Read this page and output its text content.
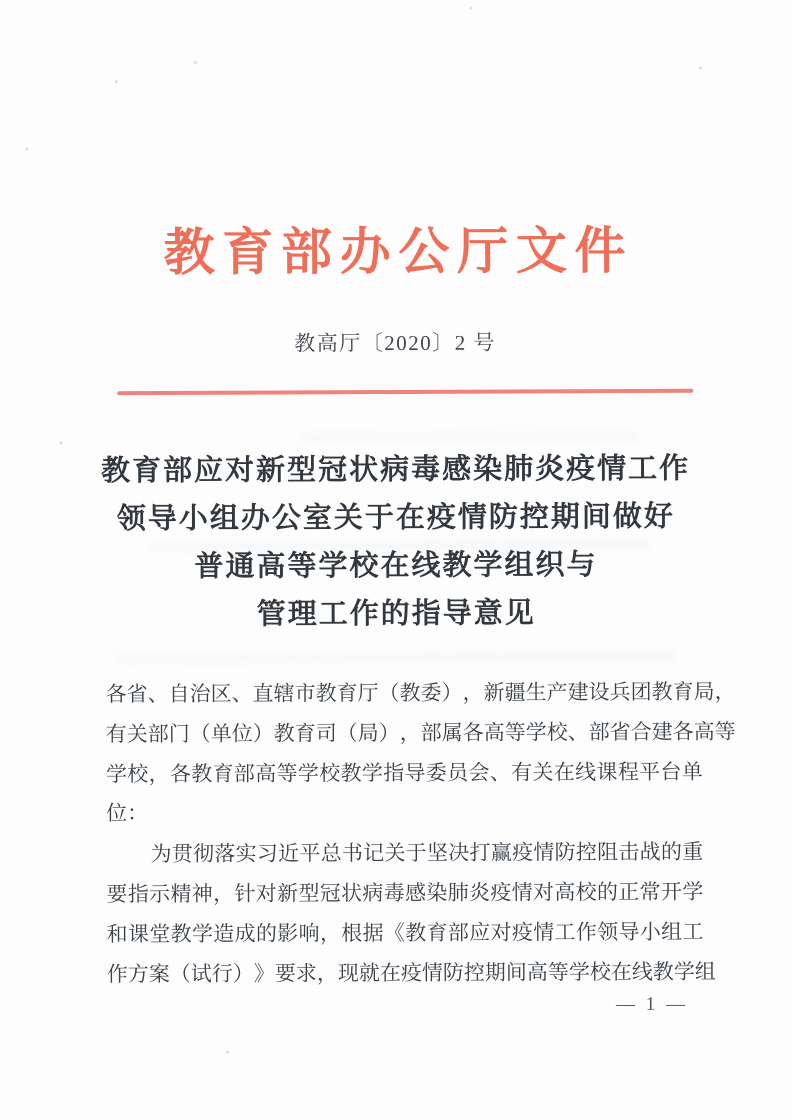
教 育 部 办 公 厅 文 件
教高厅〔2020〕2 号
教育部应对新型冠状病毒感染肺炎疫情工作
领导小组办公室关于在疫情防控期间做好
普通高等学校在线教学组织与
管理工作的指导意见
各 省 、 自 治 区 、 直 辖 市 教 育 厅 （ 教 委 ） ， 新 疆 生 产 建 设 兵 团 教 育 局 ，
有 关 部 门 （ 单 位 ） 教 育 司 （ 局 ） ， 部 属 各 高 等 学 校 、 部 省 合 建 各 高 等
学 校 ， 各 教 育 部 高 等 学 校 教 学 指 导 委 员 会 、 有 关 在 线 课 程 平 台 单
位：
为 贯 彻 落 实 习 近 平 总 书 记 关 于 坚 决 打 赢 疫 情 防 控 阻 击 战 的 重
要 指 示 精 神 ， 针 对 新 型 冠 状 病 毒 感 染 肺 炎 疫 情 对 高 校 的 正 常 开 学
和 课 堂 教 学 造 成 的 影 响 ， 根 据 《 教 育 部 应 对 疫 情 工 作 领 导 小 组 工
作 方 案 （ 试 行 ） 》 要 求 ， 现 就 在 疫 情 防 控 期 间 高 等 学 校 在 线 教 学 组
— 1 —
